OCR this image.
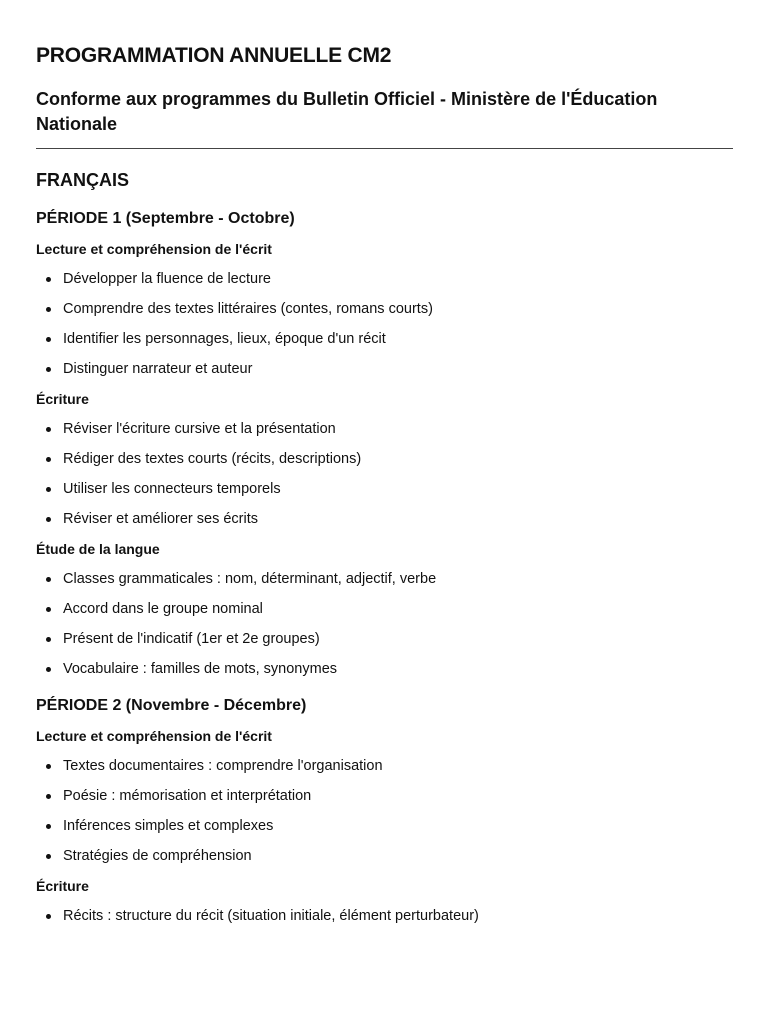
PROGRAMMATION ANNUELLE CM2
Conforme aux programmes du Bulletin Officiel - Ministère de l'Éducation Nationale
FRANÇAIS
PÉRIODE 1 (Septembre - Octobre)
Lecture et compréhension de l'écrit
Développer la fluence de lecture
Comprendre des textes littéraires (contes, romans courts)
Identifier les personnages, lieux, époque d'un récit
Distinguer narrateur et auteur
Écriture
Réviser l'écriture cursive et la présentation
Rédiger des textes courts (récits, descriptions)
Utiliser les connecteurs temporels
Réviser et améliorer ses écrits
Étude de la langue
Classes grammaticales : nom, déterminant, adjectif, verbe
Accord dans le groupe nominal
Présent de l'indicatif (1er et 2e groupes)
Vocabulaire : familles de mots, synonymes
PÉRIODE 2 (Novembre - Décembre)
Lecture et compréhension de l'écrit
Textes documentaires : comprendre l'organisation
Poésie : mémorisation et interprétation
Inférences simples et complexes
Stratégies de compréhension
Écriture
Récits : structure du récit (situation initiale, élément perturbateur)
